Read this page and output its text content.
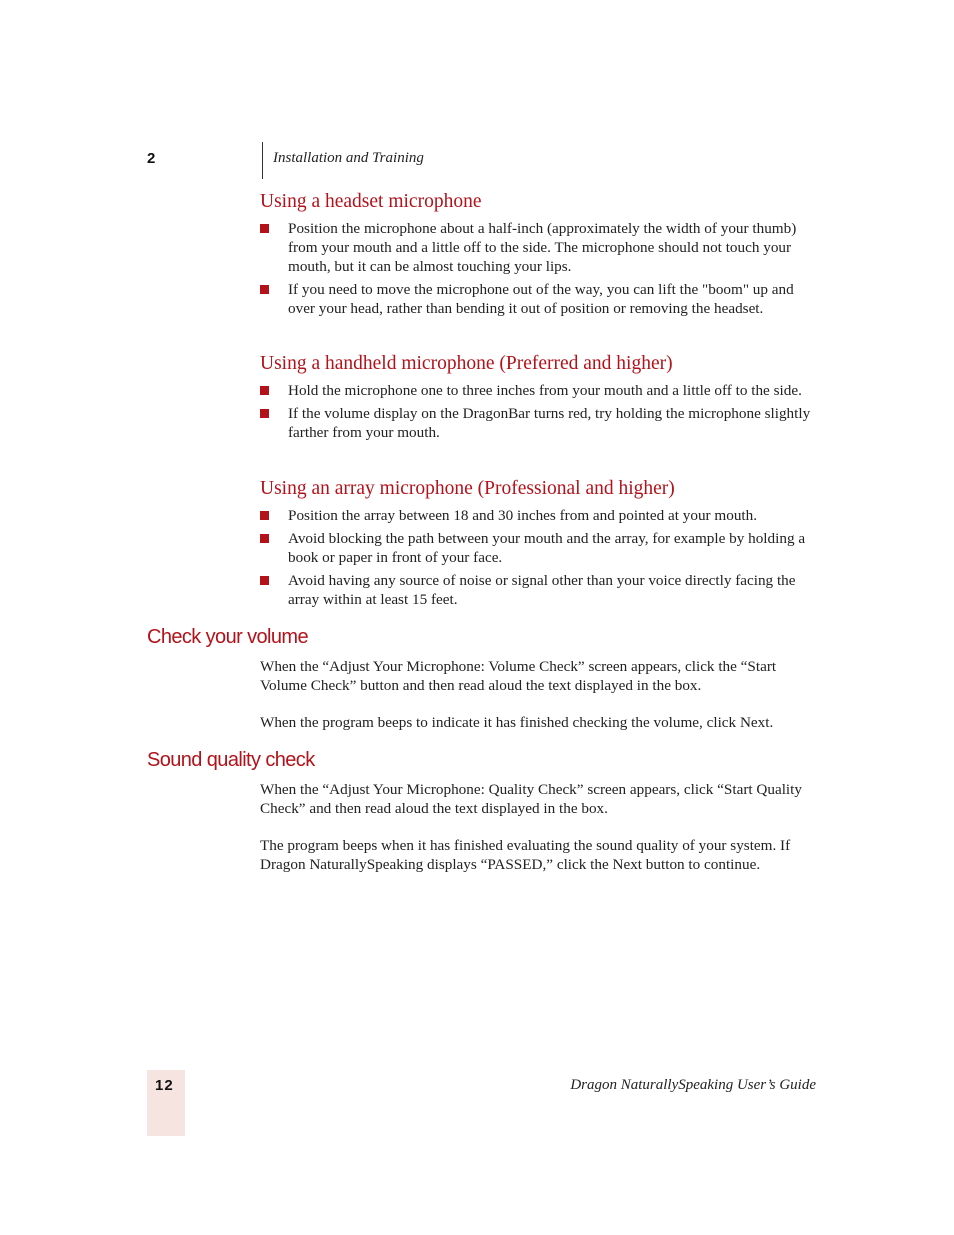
2	Installation and Training
Using a headset microphone
Position the microphone about a half-inch (approximately the width of your thumb) from your mouth and a little off to the side. The microphone should not touch your mouth, but it can be almost touching your lips.
If you need to move the microphone out of the way, you can lift the "boom" up and over your head, rather than bending it out of position or removing the headset.
Using a handheld microphone (Preferred and higher)
Hold the microphone one to three inches from your mouth and a little off to the side.
If the volume display on the DragonBar turns red, try holding the microphone slightly farther from your mouth.
Using an array microphone (Professional and higher)
Position the array between 18 and 30 inches from and pointed at your mouth.
Avoid blocking the path between your mouth and the array, for example by holding a book or paper in front of your face.
Avoid having any source of noise or signal other than your voice directly facing the array within at least 15 feet.
Check your volume

When the “Adjust Your Microphone: Volume Check” screen appears, click the “Start Volume Check” button and then read aloud the text displayed in the box.

When the program beeps to indicate it has finished checking the volume, click Next.

Sound quality check

When the “Adjust Your Microphone: Quality Check” screen appears, click “Start Quality Check” and then read aloud the text displayed in the box.

The program beeps when it has finished evaluating the sound quality of your system. If Dragon NaturallySpeaking displays “PASSED,” click the Next button to continue.

12	Dragon NaturallySpeaking User’s Guide
